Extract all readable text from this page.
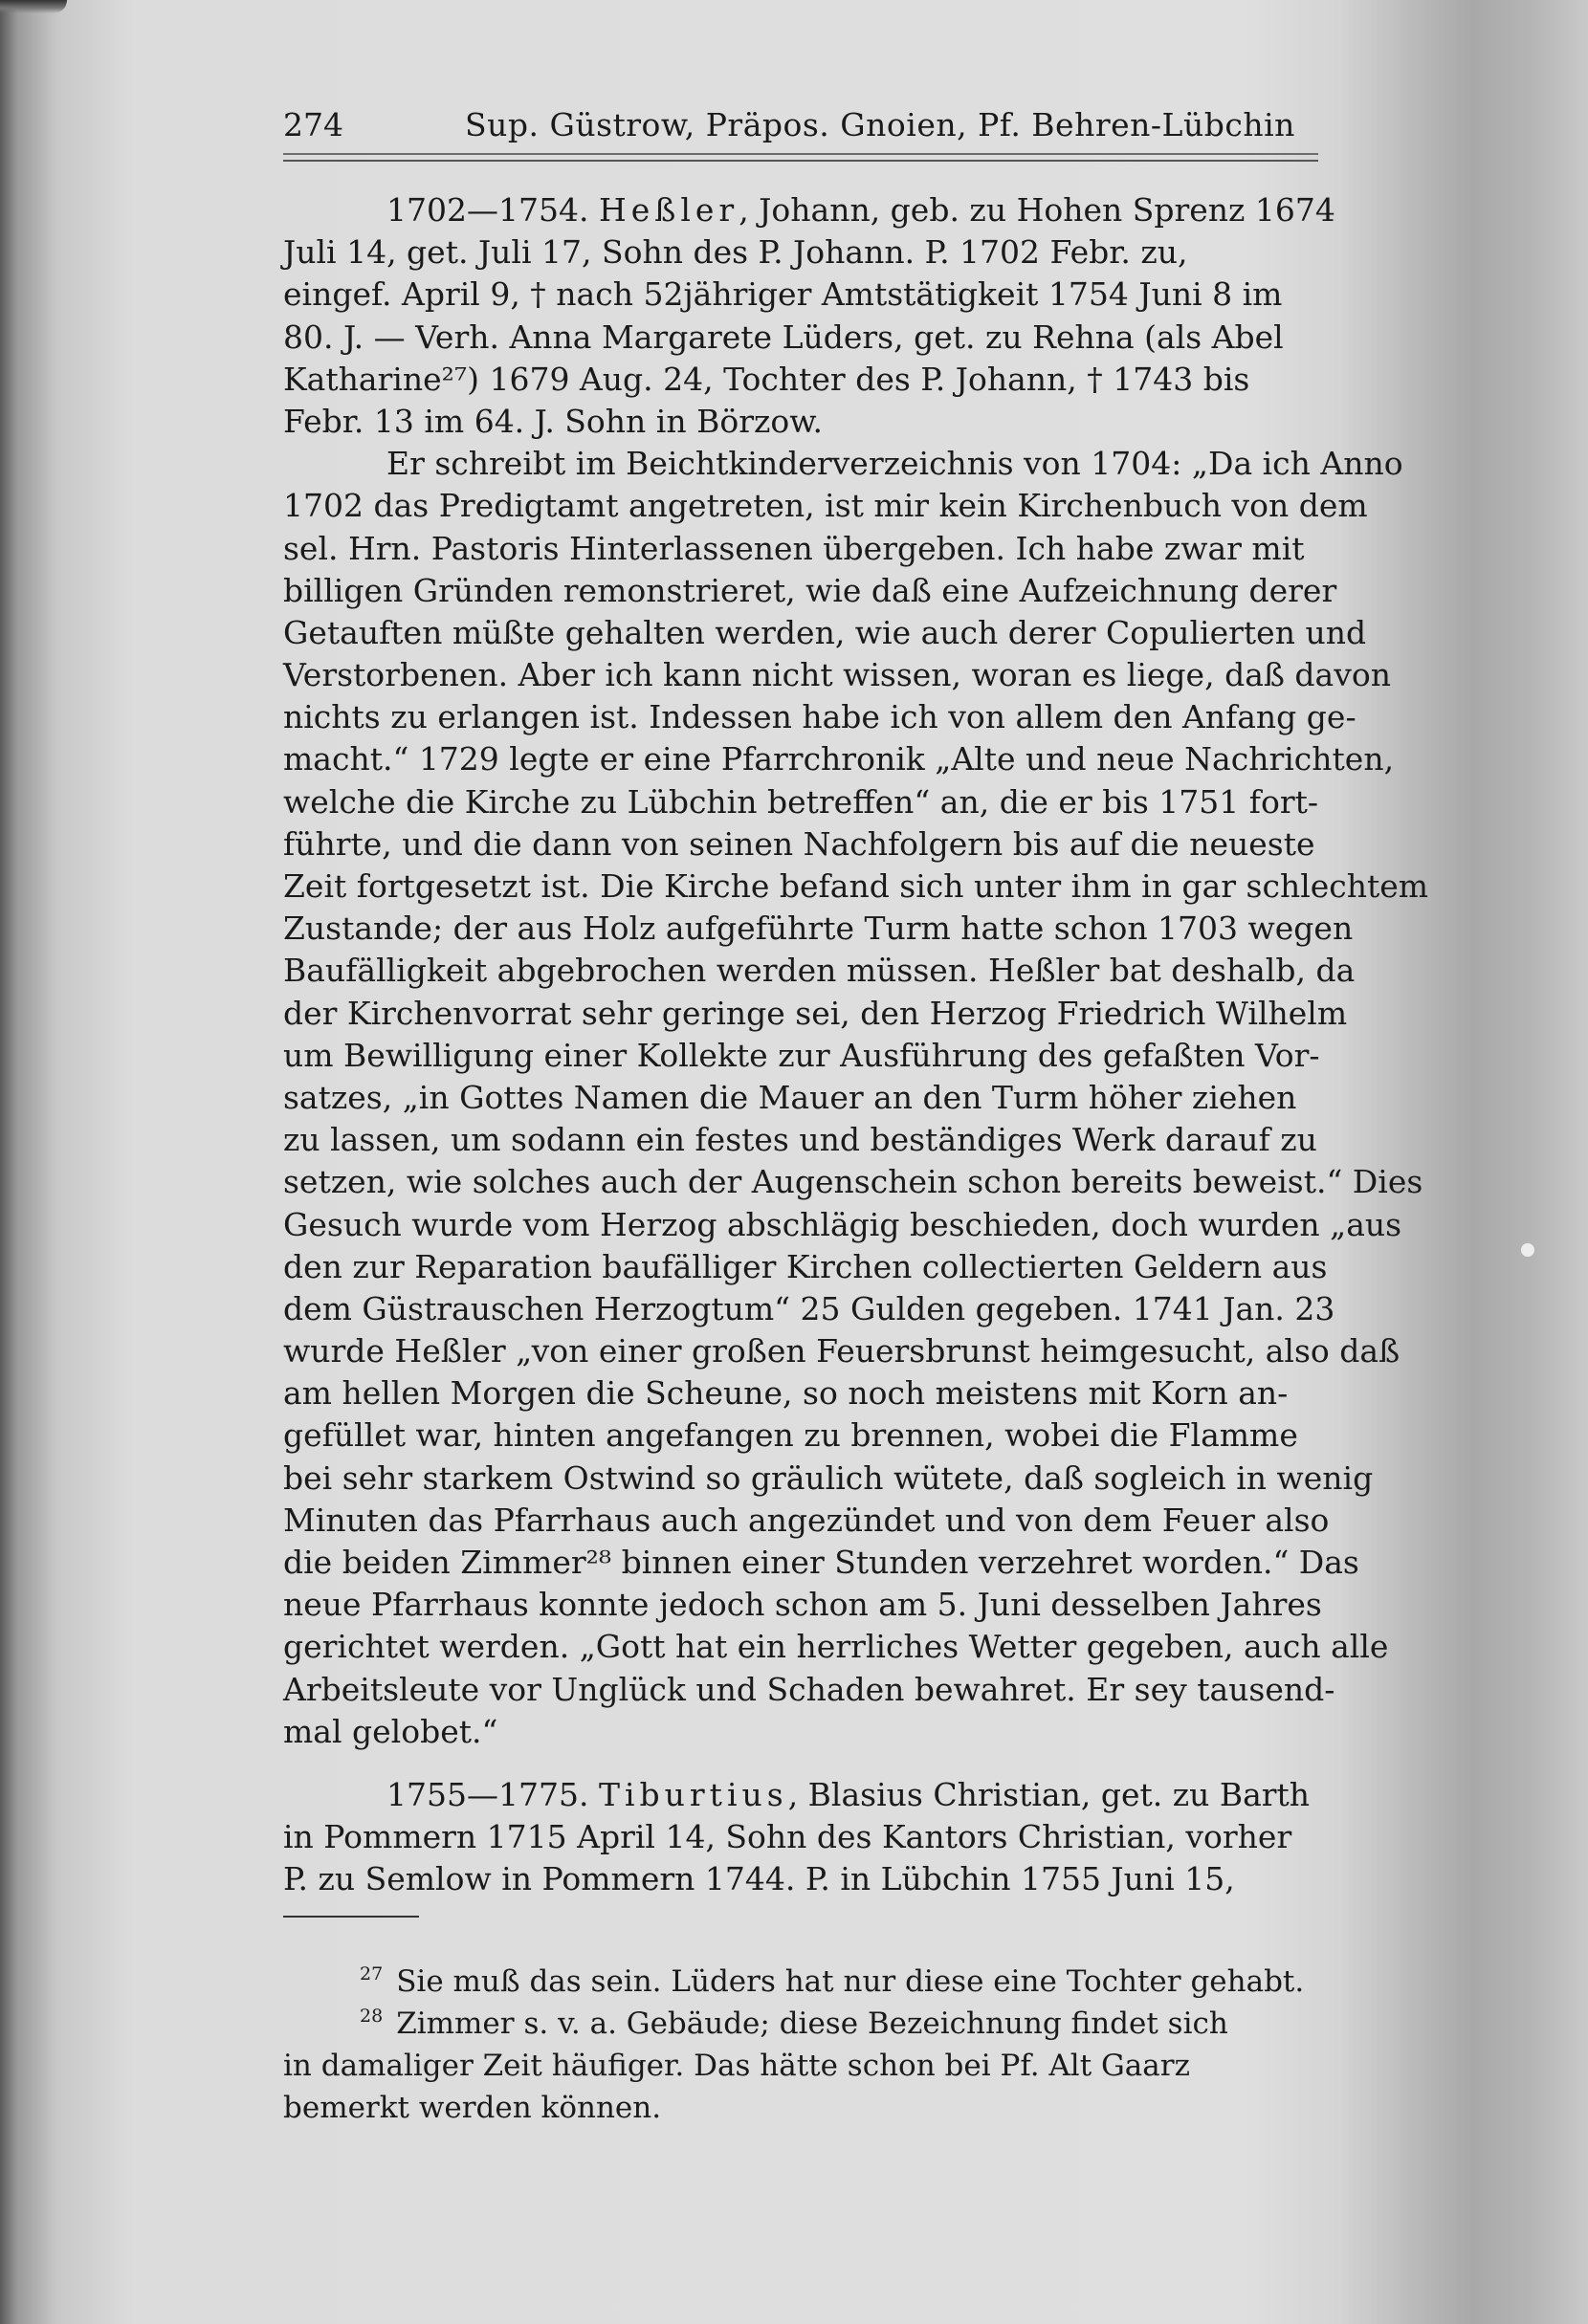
274	Sup. Güstrow, Präpos. Gnoien, Pf. Behren-Lübchin
1702—1754. Heßler, Johann, geb. zu Hohen Sprenz 1674
Juli 14, get. Juli 17, Sohn des P. Johann. P. 1702 Febr. zu,
eingef. April 9, † nach 52jähriger Amtstätigkeit 1754 Juni 8 im
80. J. — Verh. Anna Margarete Lüders, get. zu Rehna (als Abel
Katharine²⁷) 1679 Aug. 24, Tochter des P. Johann, † 1743 bis
Febr. 13 im 64. J. Sohn in Börzow.
Er schreibt im Beichtkinderverzeichnis von 1704: „Da ich Anno
1702 das Predigtamt angetreten, ist mir kein Kirchenbuch von dem
sel. Hrn. Pastoris Hinterlassenen übergeben. Ich habe zwar mit
billigen Gründen remonstrieret, wie daß eine Aufzeichnung derer
Getauften müßte gehalten werden, wie auch derer Copulierten und
Verstorbenen. Aber ich kann nicht wissen, woran es liege, daß davon
nichts zu erlangen ist. Indessen habe ich von allem den Anfang ge-
macht.“ 1729 legte er eine Pfarrchronik „Alte und neue Nachrichten,
welche die Kirche zu Lübchin betreffen“ an, die er bis 1751 fort-
führte, und die dann von seinen Nachfolgern bis auf die neueste
Zeit fortgesetzt ist. Die Kirche befand sich unter ihm in gar schlechtem
Zustande; der aus Holz aufgeführte Turm hatte schon 1703 wegen
Baufälligkeit abgebrochen werden müssen. Heßler bat deshalb, da
der Kirchenvorrat sehr geringe sei, den Herzog Friedrich Wilhelm
um Bewilligung einer Kollekte zur Ausführung des gefaßten Vor-
satzes, „in Gottes Namen die Mauer an den Turm höher ziehen
zu lassen, um sodann ein festes und beständiges Werk darauf zu
setzen, wie solches auch der Augenschein schon bereits beweist.“ Dies
Gesuch wurde vom Herzog abschlägig beschieden, doch wurden „aus
den zur Reparation baufälliger Kirchen collectierten Geldern aus
dem Güstrauschen Herzogtum“ 25 Gulden gegeben. 1741 Jan. 23
wurde Heßler „von einer großen Feuersbrunst heimgesucht, also daß
am hellen Morgen die Scheune, so noch meistens mit Korn an-
gefüllet war, hinten angefangen zu brennen, wobei die Flamme
bei sehr starkem Ostwind so gräulich wütete, daß sogleich in wenig
Minuten das Pfarrhaus auch angezündet und von dem Feuer also
die beiden Zimmer²⁸ binnen einer Stunden verzehret worden.“ Das
neue Pfarrhaus konnte jedoch schon am 5. Juni desselben Jahres
gerichtet werden. „Gott hat ein herrliches Wetter gegeben, auch alle
Arbeitsleute vor Unglück und Schaden bewahret. Er sey tausend-
mal gelobet.“
1755—1775. Tiburtius, Blasius Christian, get. zu Barth
in Pommern 1715 April 14, Sohn des Kantors Christian, vorher
P. zu Semlow in Pommern 1744. P. in Lübchin 1755 Juni 15,
$^{27}$ Sie muß das sein. Lüders hat nur diese eine Tochter gehabt.
$^{28}$ Zimmer s. v. a. Gebäude; diese Bezeichnung findet sich
in damaliger Zeit häufiger. Das hätte schon bei Pf. Alt Gaarz
bemerkt werden können.
